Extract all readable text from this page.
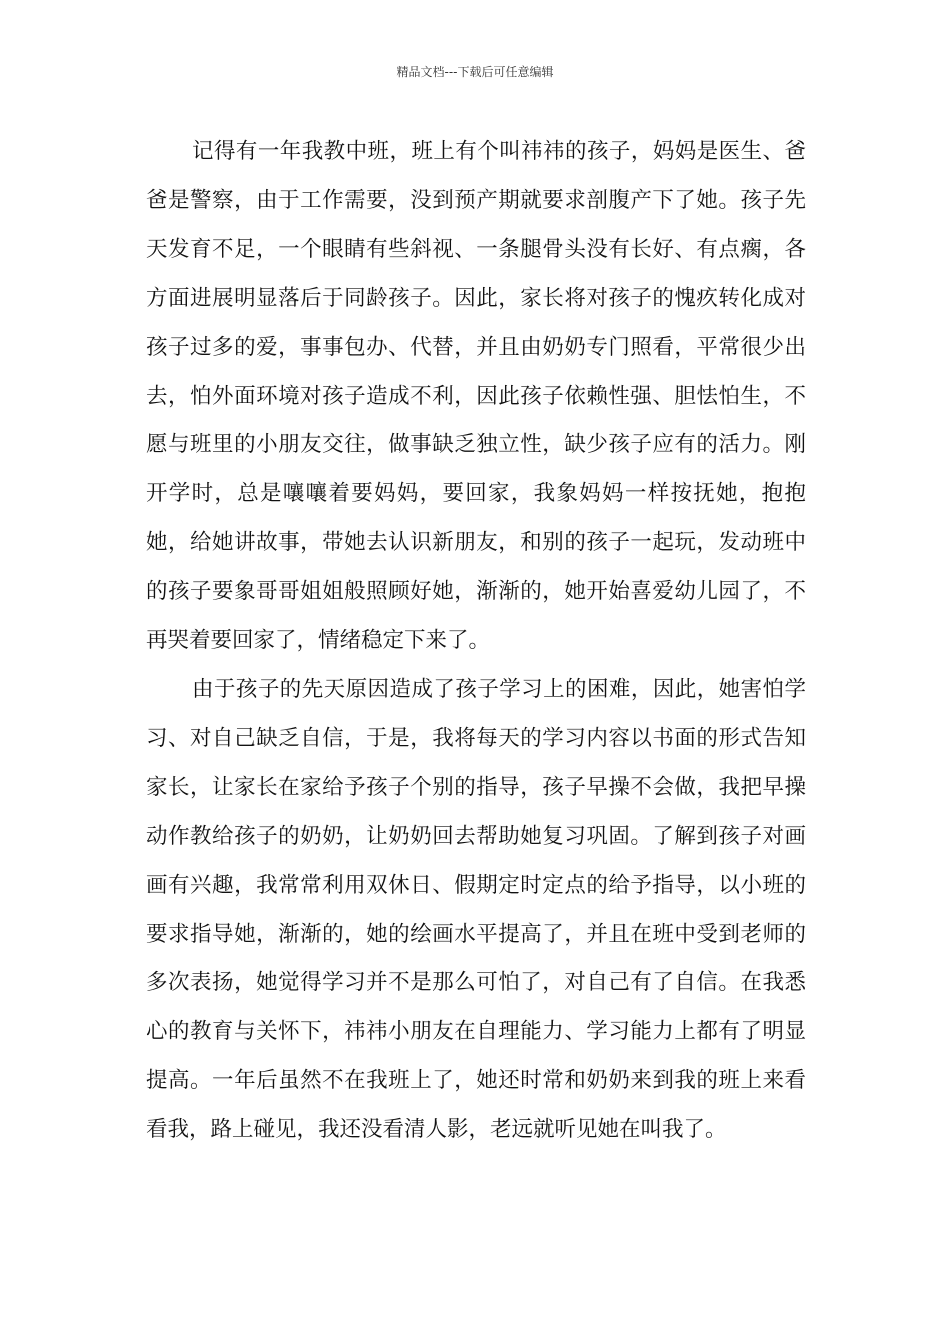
精品文档---下载后可任意编辑

记得有一年我教中班，班上有个叫祎祎的孩子，妈妈是医生、爸爸是警察，由于工作需要，没到预产期就要求剖腹产下了她。孩子先天发育不足，一个眼睛有些斜视、一条腿骨头没有长好、有点瘸，各方面进展明显落后于同龄孩子。因此，家长将对孩子的愧疚转化成对孩子过多的爱，事事包办、代替，并且由奶奶专门照看，平常很少出去，怕外面环境对孩子造成不利，因此孩子依赖性强、胆怯怕生，不愿与班里的小朋友交往，做事缺乏独立性，缺少孩子应有的活力。刚开学时，总是嚷嚷着要妈妈，要回家，我象妈妈一样按抚她，抱抱她，给她讲故事，带她去认识新朋友，和别的孩子一起玩，发动班中的孩子要象哥哥姐姐般照顾好她，渐渐的，她开始喜爱幼儿园了，不再哭着要回家了，情绪稳定下来了。

由于孩子的先天原因造成了孩子学习上的困难，因此，她害怕学习、对自己缺乏自信，于是，我将每天的学习内容以书面的形式告知家长，让家长在家给予孩子个别的指导，孩子早操不会做，我把早操动作教给孩子的奶奶，让奶奶回去帮助她复习巩固。了解到孩子对画画有兴趣，我常常利用双休日、假期定时定点的给予指导，以小班的要求指导她，渐渐的，她的绘画水平提高了，并且在班中受到老师的多次表扬，她觉得学习并不是那么可怕了，对自己有了自信。在我悉心的教育与关怀下，祎祎小朋友在自理能力、学习能力上都有了明显提高。一年后虽然不在我班上了，她还时常和奶奶来到我的班上来看看我，路上碰见，我还没看清人影，老远就听见她在叫我了。
